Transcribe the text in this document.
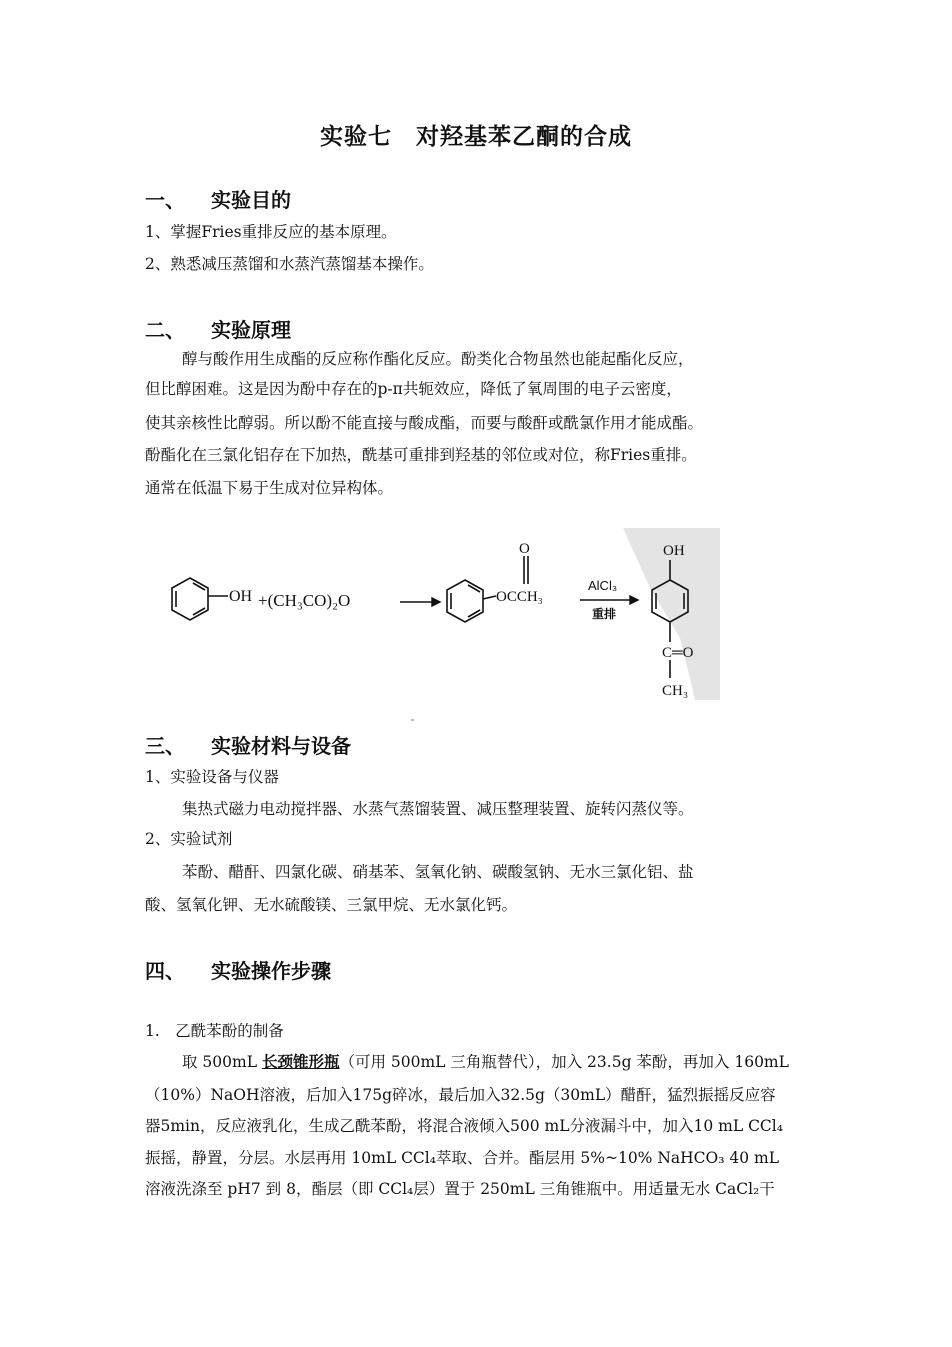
实验七　对羟基苯乙酮的合成
一、 实验目的
1、掌握Fries重排反应的基本原理。
2、熟悉减压蒸馏和水蒸汽蒸馏基本操作。
二、 实验原理
醇与酸作用生成酯的反应称作酯化反应。酚类化合物虽然也能起酯化反应，
但比醇困难。这是因为酚中存在的p-π共轭效应，降低了氧周围的电子云密度，
使其亲核性比醇弱。所以酚不能直接与酸成酯，而要与酸酐或酰氯作用才能成酯。
酚酯化在三氯化铝存在下加热，酰基可重排到羟基的邻位或对位，称Fries重排。
通常在低温下易于生成对位异构体。
OH +(CH₃CO)₂O
O
OCCH₃
AlCl₃
重排
OH
C═O
CH₃
三、 实验材料与设备
1、实验设备与仪器
集热式磁力电动搅拌器、水蒸气蒸馏装置、减压整理装置、旋转闪蒸仪等。
2、实验试剂
苯酚、醋酐、四氯化碳、硝基苯、氢氧化钠、碳酸氢钠、无水三氯化铝、盐
酸、氢氧化钾、无水硫酸镁、三氯甲烷、无水氯化钙。
四、 实验操作步骤
1.　乙酰苯酚的制备
取 500mL 长颈锥形瓶（可用 500mL 三角瓶替代），加入 23.5g 苯酚，再加入 160mL
（10%）NaOH溶液，后加入175g碎冰，最后加入32.5g（30mL）醋酐，猛烈振摇反应容
器5min，反应液乳化，生成乙酰苯酚，将混合液倾入500 mL分液漏斗中，加入10 mL CCl₄
振摇，静置，分层。水层再用 10mL CCl₄萃取、合并。酯层用 5%~10% NaHCO₃ 40 mL
溶液洗涤至 pH7 到 8，酯层（即 CCl₄层）置于 250mL 三角锥瓶中。用适量无水 CaCl₂干
